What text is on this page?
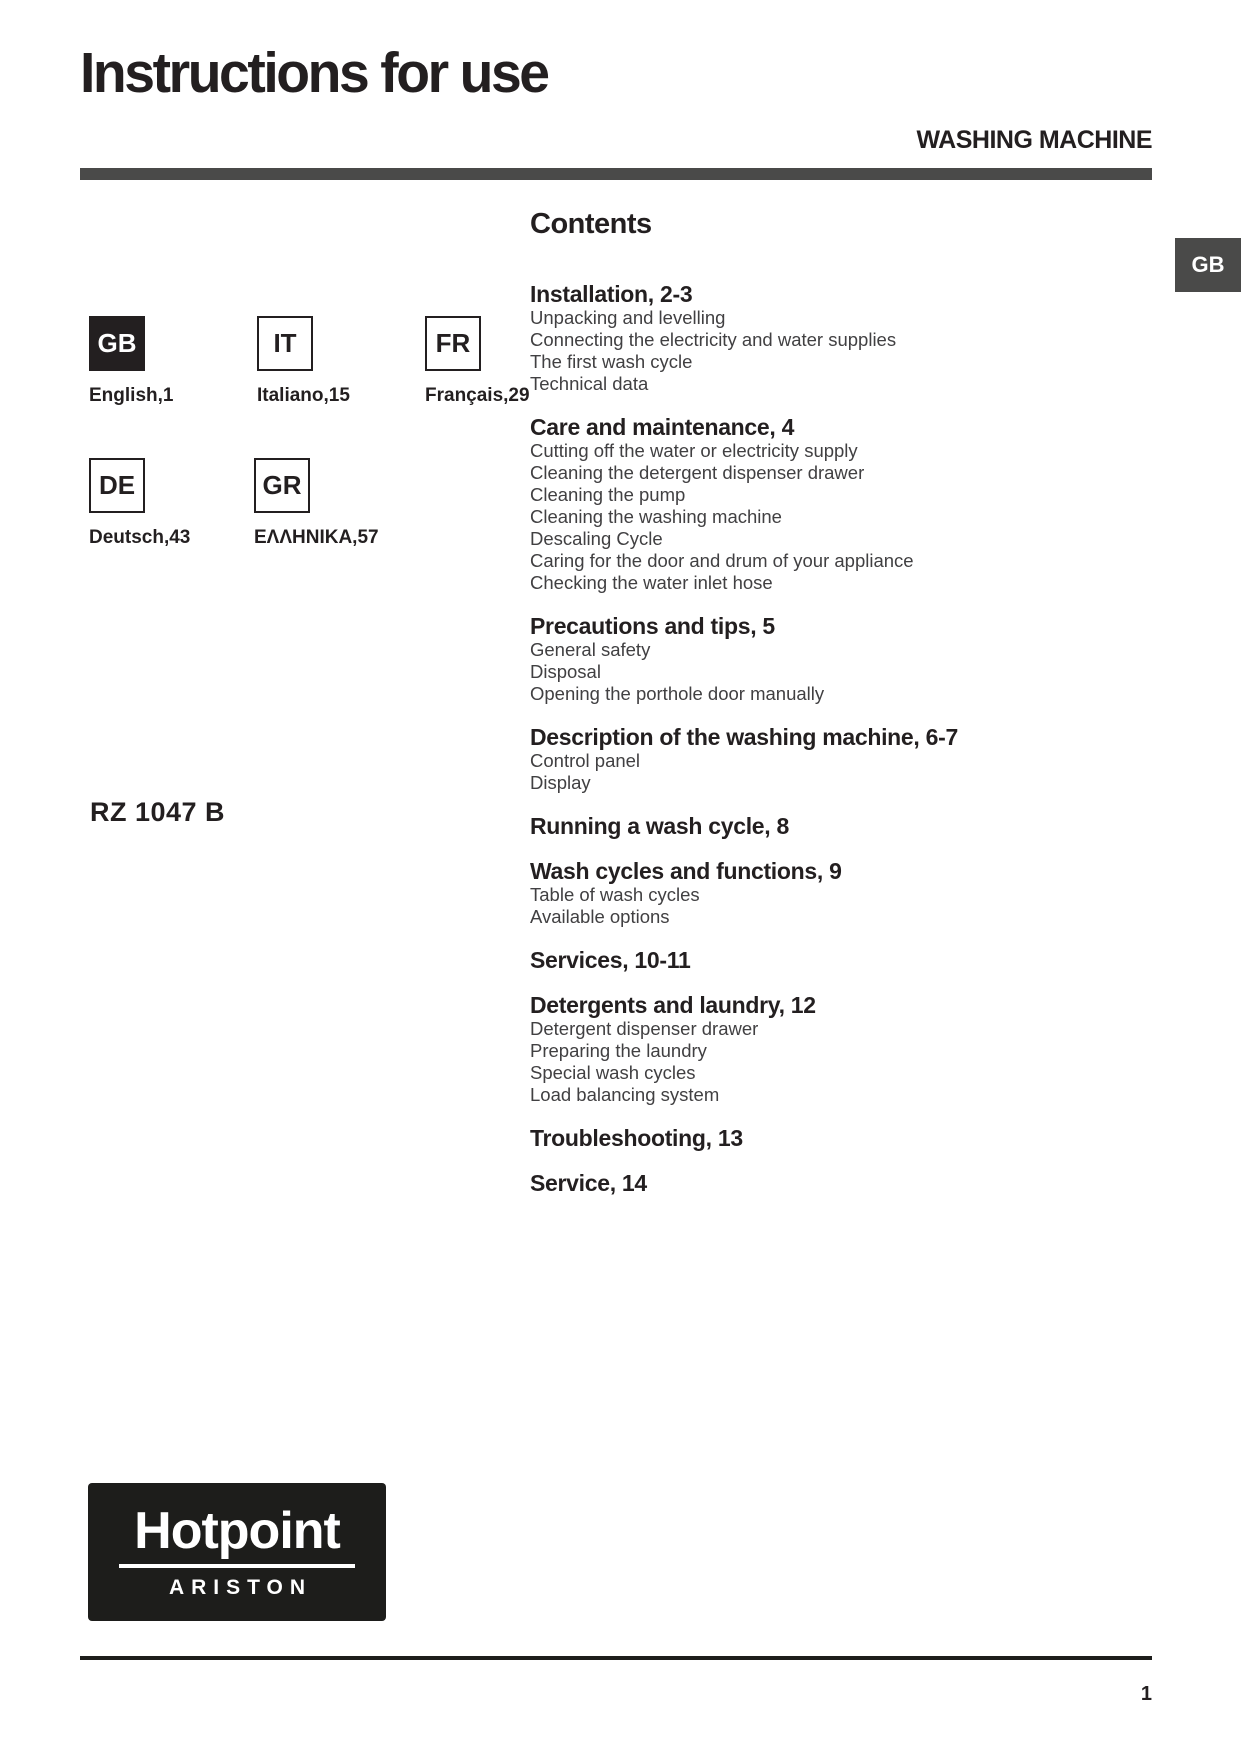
Instructions for use
WASHING MACHINE
GB
GB
English,1
IT
Italiano,15
FR
Français,29
DE
Deutsch,43
GR
ΕΛΛΗΝΙΚΑ,57
RZ 1047 B
Contents
Installation, 2-3
Unpacking and levelling
Connecting the electricity and water supplies
The first wash cycle
Technical data
Care and maintenance, 4
Cutting off the water or electricity supply
Cleaning the detergent dispenser drawer
Cleaning the pump
Cleaning the washing machine
Descaling Cycle
Caring for the door and drum of your appliance
Checking the water inlet hose
Precautions and tips, 5
General safety
Disposal
Opening the porthole door manually
Description of the washing machine, 6-7
Control panel
Display
Running a wash cycle, 8
Wash cycles and functions, 9
Table of wash cycles
Available options
Services, 10-11
Detergents and laundry, 12
Detergent dispenser drawer
Preparing the laundry
Special wash cycles
Load balancing system
Troubleshooting, 13
Service, 14
Hotpoint
ARISTON
1
